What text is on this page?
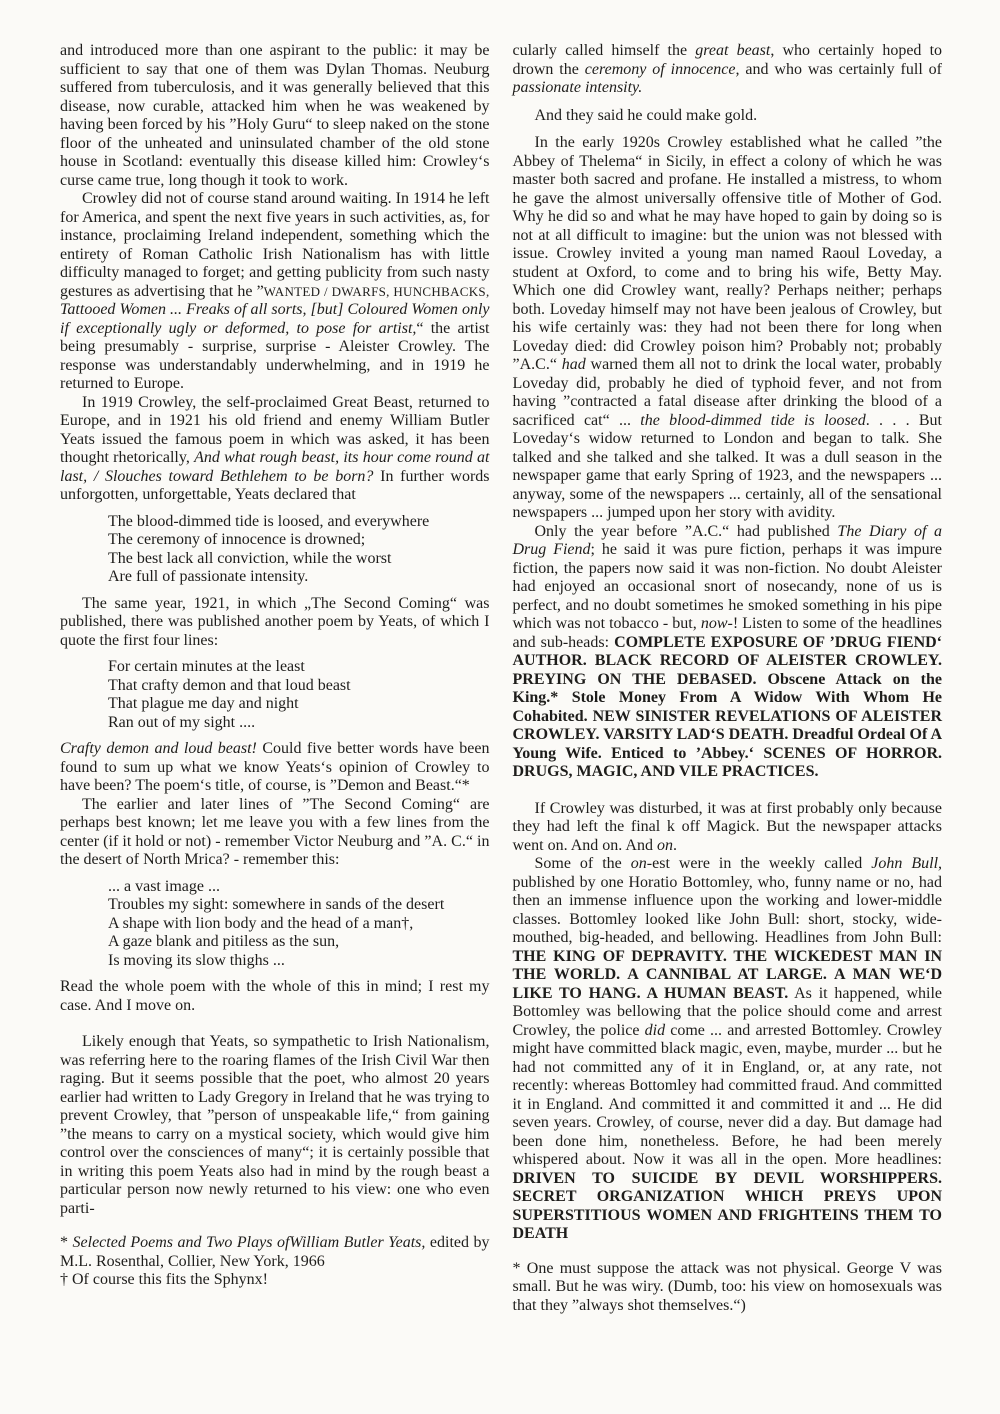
and introduced more than one aspirant to the public: it may be sufficient to say that one of them was Dylan Thomas. Neuburg suffered from tuberculosis, and it was generally believed that this disease, now curable, attacked him when he was weakened by having been forced by his ”Holy Guru“ to sleep naked on the stone floor of the unheated and uninsulated chamber of the old stone house in Scotland: eventually this disease killed him: Crowley‘s curse came true, long though it took to work.

Crowley did not of course stand around waiting. In 1914 he left for America, and spent the next five years in such activities, as, for instance, proclaiming Ireland independent, something which the entirety of Roman Catholic Irish Nationalism has with little difficulty managed to forget; and getting publicity from such nasty gestures as advertising that he ”WANTED / DWARFS, HUNCHBACKS, Tattooed Women ... Freaks of all sorts, [but] Coloured Women only if exceptionally ugly or deformed, to pose for artist,“ the artist being presumably - surprise, surprise - Aleister Crowley. The response was understandably underwhelming, and in 1919 he returned to Europe.

In 1919 Crowley, the self-proclaimed Great Beast, returned to Europe, and in 1921 his old friend and enemy William Butler Yeats issued the famous poem in which was asked, it has been thought rhetorically, And what rough beast, its hour come round at last, / Slouches toward Bethlehem to be born? In further words unforgotten, unforgettable, Yeats declared that

The blood-dimmed tide is loosed, and everywhere
The ceremony of innocence is drowned;
The best lack all conviction, while the worst
Are full of passionate intensity.

The same year, 1921, in which „The Second Coming“ was published, there was published another poem by Yeats, of which I quote the first four lines:

For certain minutes at the least
That crafty demon and that loud beast
That plague me day and night
Ran out of my sight ....

Crafty demon and loud beast! Could five better words have been found to sum up what we know Yeats‘s opinion of Crowley to have been? The poem‘s title, of course, is ”Demon and Beast.“*

The earlier and later lines of ”The Second Coming“ are perhaps best known; let me leave you with a few lines from the center (if it hold or not) - remember Victor Neuburg and ”A. C.“ in the desert of North Mrica? - remember this:

... a vast image ...
Troubles my sight: somewhere in sands of the desert
A shape with lion body and the head of a man†,
A gaze blank and pitiless as the sun,
Is moving its slow thighs ...

Read the whole poem with the whole of this in mind; I rest my case. And I move on.

Likely enough that Yeats, so sympathetic to Irish Nationalism, was referring here to the roaring flames of the Irish Civil War then raging. But it seems possible that the poet, who almost 20 years earlier had written to Lady Gregory in Ireland that he was trying to prevent Crowley, that ”person of unspeakable life,“ from gaining ”the means to carry on a mystical society, which would give him control over the consciences of many“; it is certainly possible that in writing this poem Yeats also had in mind by the rough beast a particular person now newly returned to his view: one who even parti-

* Selected Poems and Two Plays ofWilliam Butler Yeats, edited by M.L. Rosenthal, Collier, New York, 1966

† Of course this fits the Sphynx!

cularly called himself the great beast, who certainly hoped to drown the ceremony of innocence, and who was certainly full of passionate intensity.

And they said he could make gold.

In the early 1920s Crowley established what he called ”the Abbey of Thelema“ in Sicily, in effect a colony of which he was master both sacred and profane. He installed a mistress, to whom he gave the almost universally offensive title of Mother of God. Why he did so and what he may have hoped to gain by doing so is not at all difficult to imagine: but the union was not blessed with issue. Crowley invited a young man named Raoul Loveday, a student at Oxford, to come and to bring his wife, Betty May. Which one did Crowley want, really? Perhaps neither; perhaps both. Loveday himself may not have been jealous of Crowley, but his wife certainly was: they had not been there for long when Loveday died: did Crowley poison him? Probably not; probably ”A.C.“ had warned them all not to drink the local water, probably Loveday did, probably he died of typhoid fever, and not from having ”contracted a fatal disease after drinking the blood of a sacrificed cat“ ... the blood-dimmed tide is loosed. . . . But Loveday‘s widow returned to London and began to talk. She talked and she talked and she talked. It was a dull season in the newspaper game that early Spring of 1923, and the newspapers ... anyway, some of the newspapers ... certainly, all of the sensational newspapers ... jumped upon her story with avidity.

Only the year before ”A.C.“ had published The Diary of a Drug Fiend; he said it was pure fiction, perhaps it was impure fiction, the papers now said it was non-fiction. No doubt Aleister had enjoyed an occasional snort of nosecandy, none of us is perfect, and no doubt sometimes he smoked something in his pipe which was not tobacco - but, now-! Listen to some of the headlines and sub-heads: COMPLETE EXPOSURE OF ’DRUG FIEND‘ AUTHOR. BLACK RECORD OF ALEISTER CROWLEY. PREYING ON THE DEBASED. Obscene Attack on the King.* Stole Money From A Widow With Whom He Cohabited. NEW SINISTER REVELATIONS OF ALEISTER CROWLEY. VARSITY LAD‘S DEATH. Dreadful Ordeal Of A Young Wife. Enticed to ’Abbey.‘ SCENES OF HORROR. DRUGS, MAGIC, AND VILE PRACTICES.

If Crowley was disturbed, it was at first probably only because they had left the final k off Magick. But the newspaper attacks went on. And on. And on.

Some of the on-est were in the weekly called John Bull, published by one Horatio Bottomley, who, funny name or no, had then an immense influence upon the working and lower-middle classes. Bottomley looked like John Bull: short, stocky, wide-mouthed, big-headed, and bellowing. Headlines from John Bull: THE KING OF DEPRAVITY. THE WICKEDEST MAN IN THE WORLD. A CANNIBAL AT LARGE. A MAN WE‘D LIKE TO HANG. A HUMAN BEAST. As it happened, while Bottomley was bellowing that the police should come and arrest Crowley, the police did come ... and arrested Bottomley. Crowley might have committed black magic, even, maybe, murder ... but he had not committed any of it in England, or, at any rate, not recently: whereas Bottomley had committed fraud. And committed it in England. And committed it and committed it and ... He did seven years. Crowley, of course, never did a day. But damage had been done him, nonetheless. Before, he had been merely whispered about. Now it was all in the open. More headlines: DRIVEN TO SUICIDE BY DEVIL WORSHIPPERS. SECRET ORGANIZATION WHICH PREYS UPON SUPERSTITIOUS WOMEN AND FRIGHTEINS THEM TO DEATH

* One must suppose the attack was not physical. George V was small. But he was wiry. (Dumb, too: his view on homosexuals was that they ”always shot themselves.“)
